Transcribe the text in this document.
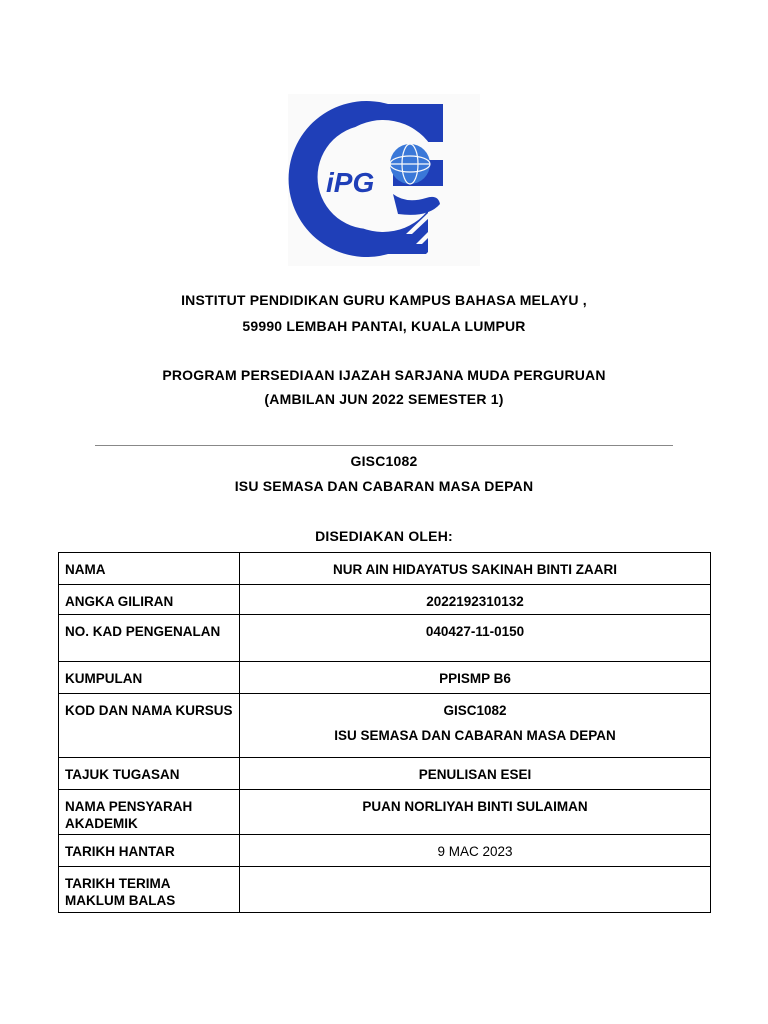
iPG
INSTITUT PENDIDIKAN GURU KAMPUS BAHASA MELAYU ,
59990 LEMBAH PANTAI, KUALA LUMPUR
PROGRAM PERSEDIAAN IJAZAH SARJANA MUDA PERGURUAN
(AMBILAN JUN 2022 SEMESTER 1)
GISC1082
ISU SEMASA DAN CABARAN MASA DEPAN
DISEDIAKAN OLEH:
NAMA	NUR AIN HIDAYATUS SAKINAH BINTI ZAARI
ANGKA GILIRAN	2022192310132
NO. KAD PENGENALAN	040427-11-0150
KUMPULAN	PPISMP B6
KOD DAN NAMA KURSUS	GISC1082
ISU SEMASA DAN CABARAN MASA DEPAN

TAJUK TUGASAN	PENULISAN ESEI
NAMA PENSYARAH AKADEMIK	PUAN NORLIYAH BINTI SULAIMAN
TARIKH HANTAR	9 MAC 2023
TARIKH TERIMA MAKLUM BALAS	
